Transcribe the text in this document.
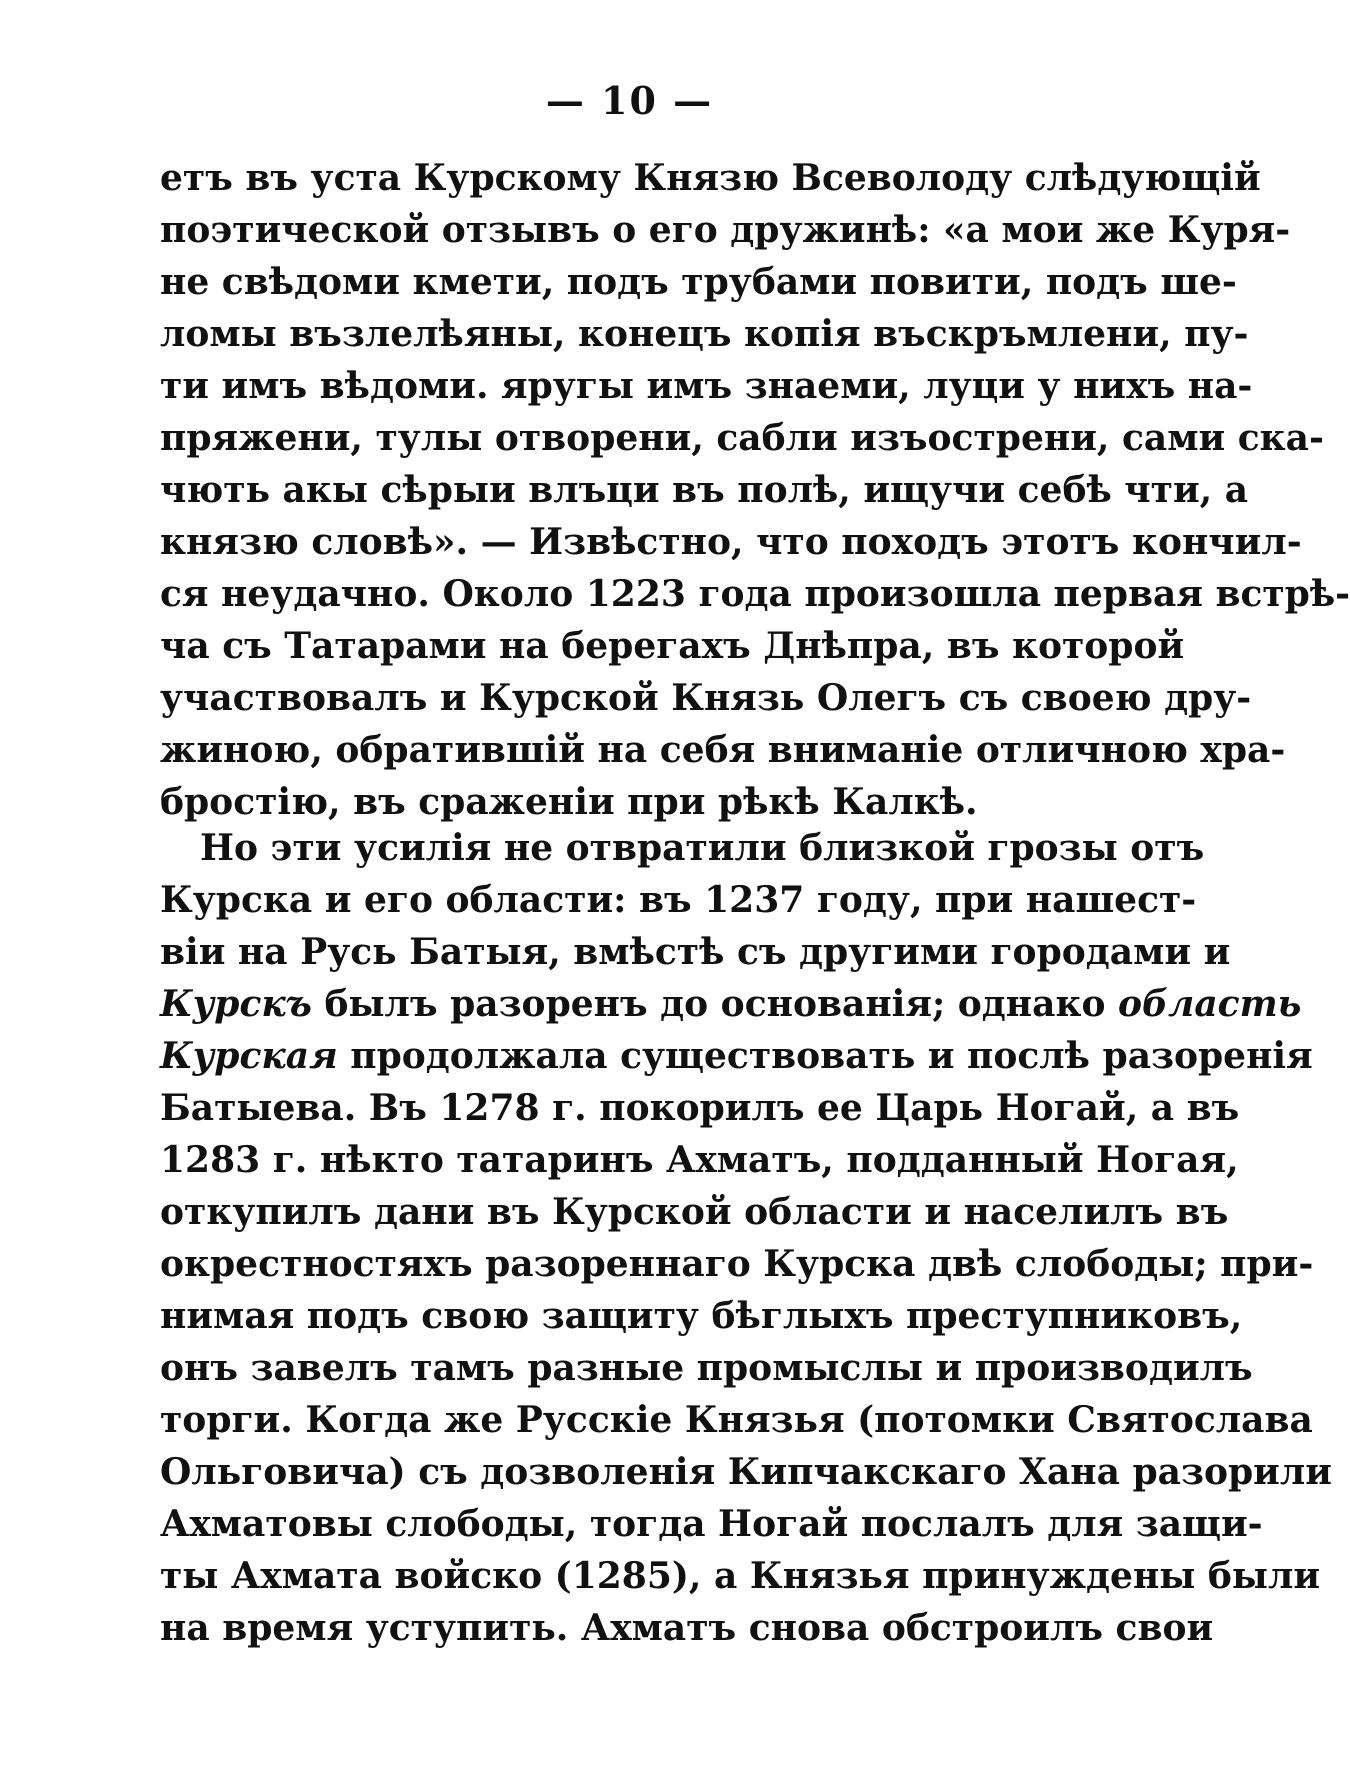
— 10 —
етъ въ уста Курскому Князю Всеволоду слѣдующій
поэтической отзывъ о его дружинѣ: «а мои же Куря-
не свѣдоми кмети, подъ трубами повити, подъ ше-
ломы възлелѣяны, конецъ копія въскръмлени, пу-
ти имъ вѣдоми. яругы имъ знаеми, луци у нихъ на-
пряжени, тулы отворени, сабли изъострени, сами ска-
чють акы сѣрыи влъци въ полѣ, ищучи себѣ чти, а
князю словѣ». — Извѣстно, что походъ этотъ кончил-
ся неудачно. Около 1223 года произошла первая встрѣ-
ча съ Татарами на берегахъ Днѣпра, въ которой
участвовалъ и Курской Князь Олегъ съ своею дру-
жиною, обратившій на себя вниманіе отличною хра-
бростію, въ сраженіи при рѣкѣ Калкѣ.
Но эти усилія не отвратили близкой грозы отъ
Курска и его области: въ 1237 году, при нашест-
віи на Русь Батыя, вмѣстѣ съ другими городами и
Курскъ былъ разоренъ до основанія; однако область
Курская продолжала существовать и послѣ разоренія
Батыева. Въ 1278 г. покорилъ ее Царь Ногай, а въ
1283 г. нѣкто татаринъ Ахматъ, подданный Ногая,
откупилъ дани въ Курской области и населилъ въ
окрестностяхъ разореннаго Курска двѣ слободы; при-
нимая подъ свою защиту бѣглыхъ преступниковъ,
онъ завелъ тамъ разные промыслы и производилъ
торги. Когда же Русскіе Князья (потомки Святослава
Ольговича) съ дозволенія Кипчакскаго Хана разорили
Ахматовы слободы, тогда Ногай послалъ для защи-
ты Ахмата войско (1285), а Князья принуждены были
на время уступить. Ахматъ снова обстроилъ свои
